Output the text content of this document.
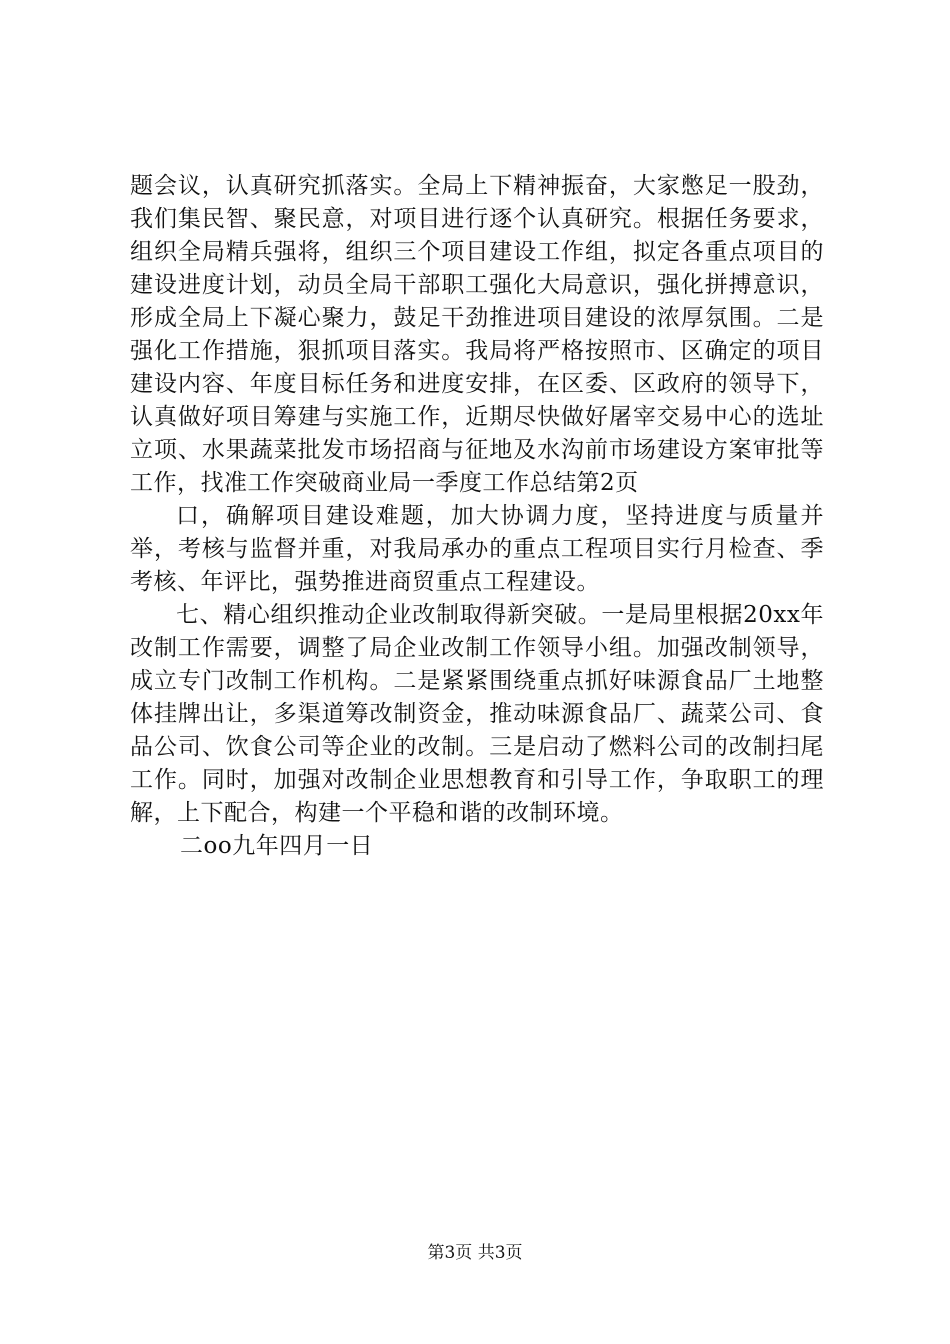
题会议，认真研究抓落实。全局上下精神振奋，大家憋足一股劲，我们集民智、聚民意，对项目进行逐个认真研究。根据任务要求，组织全局精兵强将，组织三个项目建设工作组，拟定各重点项目的建设进度计划，动员全局干部职工强化大局意识，强化拼搏意识，形成全局上下凝心聚力，鼓足干劲推进项目建设的浓厚氛围。二是强化工作措施，狠抓项目落实。我局将严格按照市、区确定的项目建设内容、年度目标任务和进度安排，在区委、区政府的领导下，认真做好项目筹建与实施工作，近期尽快做好屠宰交易中心的选址立项、水果蔬菜批发市场招商与征地及水沟前市场建设方案审批等工作，找准工作突破商业局一季度工作总结第2页

口，确解项目建设难题，加大协调力度，坚持进度与质量并举，考核与监督并重，对我局承办的重点工程项目实行月检查、季考核、年评比，强势推进商贸重点工程建设。

七、精心组织推动企业改制取得新突破。一是局里根据20xx年改制工作需要，调整了局企业改制工作领导小组。加强改制领导，成立专门改制工作机构。二是紧紧围绕重点抓好味源食品厂土地整体挂牌出让，多渠道筹改制资金，推动味源食品厂、蔬菜公司、食品公司、饮食公司等企业的改制。三是启动了燃料公司的改制扫尾工作。同时，加强对改制企业思想教育和引导工作，争取职工的理解，上下配合，构建一个平稳和谐的改制环境。

二oo九年四月一日

第3页 共3页
